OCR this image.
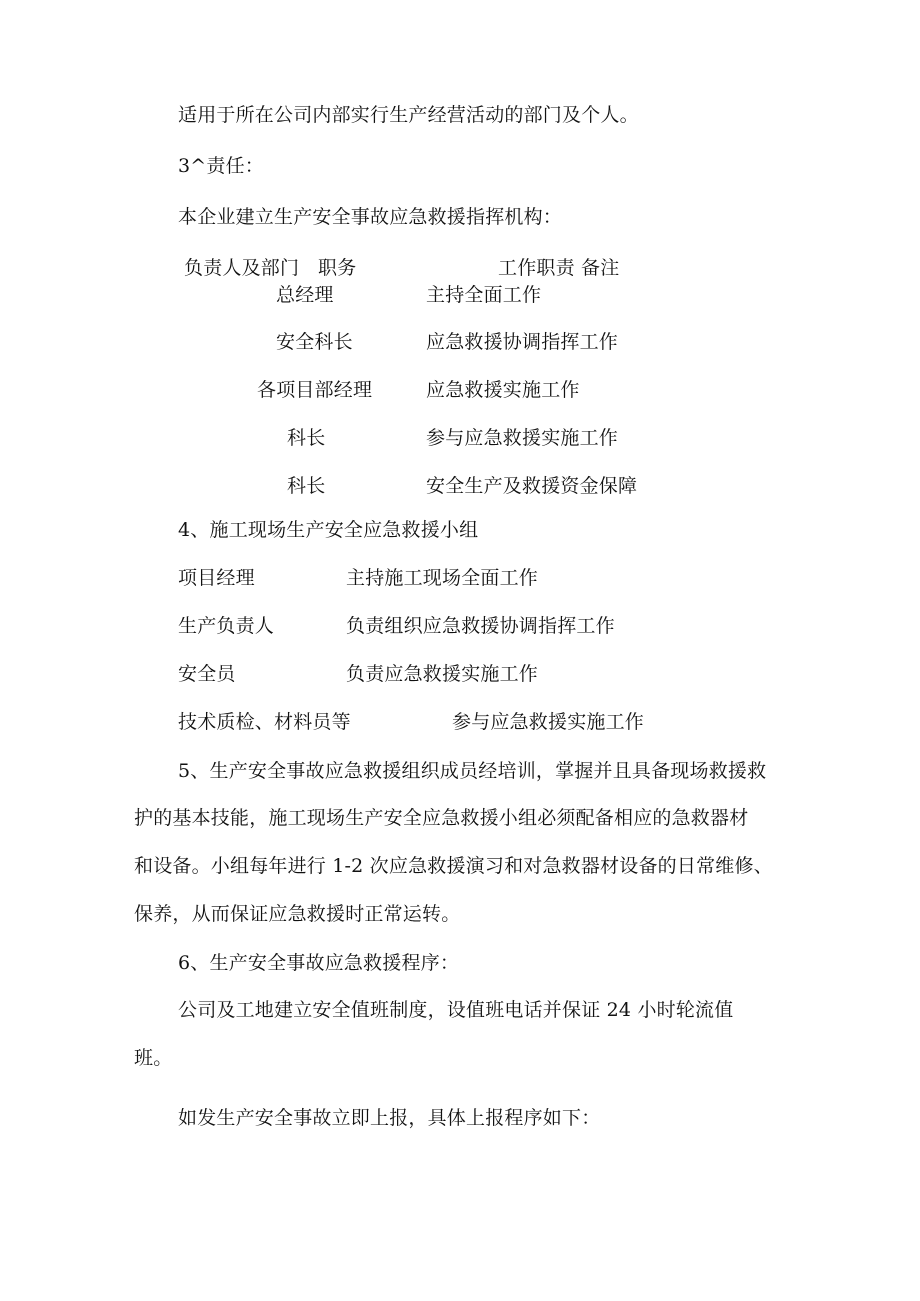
适用于所在公司内部实行生产经营活动的部门及个人。
3^责任：
本企业建立生产安全事故应急救援指挥机构：
负责人及部门 职务	工作职责 备注
总经理	主持全面工作
安全科长	应急救援协调指挥工作
各项目部经理	应急救援实施工作
科长	参与应急救援实施工作
科长	安全生产及救援资金保障
4、施工现场生产安全应急救援小组
项目经理	主持施工现场全面工作
生产负责人	负责组织应急救援协调指挥工作
安全员	负责应急救援实施工作
技术质检、材料员等	参与应急救援实施工作
5、生产安全事故应急救援组织成员经培训，掌握并且具备现场救援救
护的基本技能，施工现场生产安全应急救援小组必须配备相应的急救器材
和设备。小组每年进行 1-2 次应急救援演习和对急救器材设备的日常维修、
保养，从而保证应急救援时正常运转。
6、生产安全事故应急救援程序：
公司及工地建立安全值班制度，设值班电话并保证 24 小时轮流值
班。
如发生产安全事故立即上报，具体上报程序如下：
